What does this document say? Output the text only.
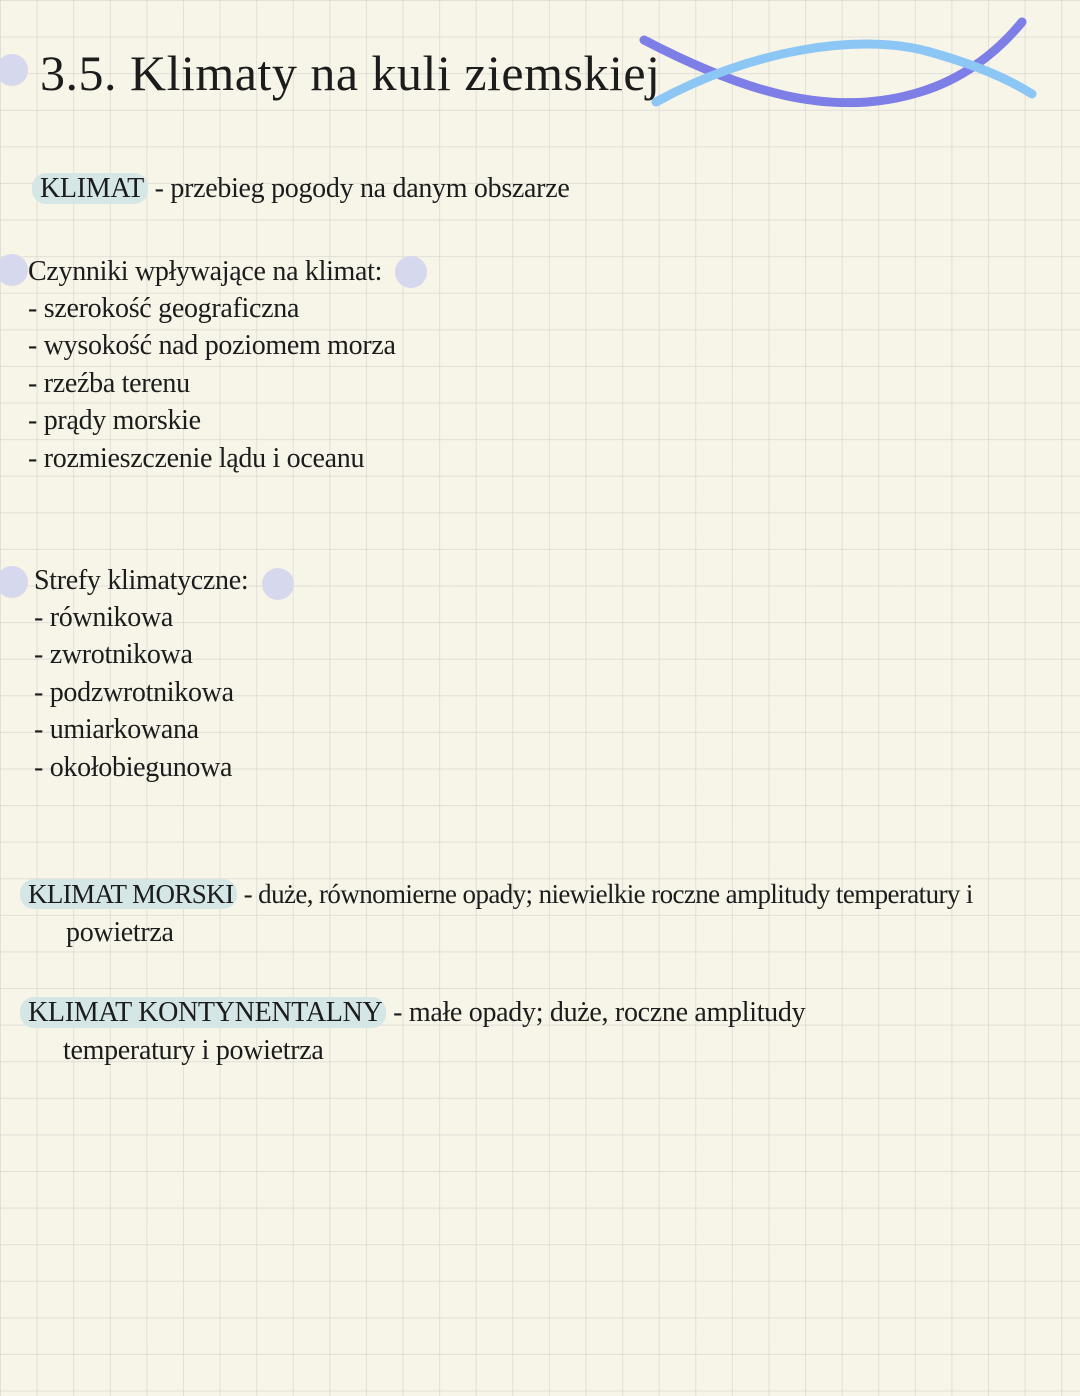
3.5. Klimaty na kuli ziemskiej
KLIMAT - przebieg pogody na danym obszarze
Czynniki wpływające na klimat:
- szerokość geograficzna
- wysokość nad poziomem morza
- rzeźba terenu
- prądy morskie
- rozmieszczenie lądu i oceanu
Strefy klimatyczne:
- równikowa
- zwrotnikowa
- podzwrotnikowa
- umiarkowana
- okołobiegunowa
KLIMAT MORSKI - duże, równomierne opady; niewielkie roczne amplitudy temperatury i
powietrza
KLIMAT KONTYNENTALNY - małe opady; duże, roczne amplitudy
temperatury i powietrza
